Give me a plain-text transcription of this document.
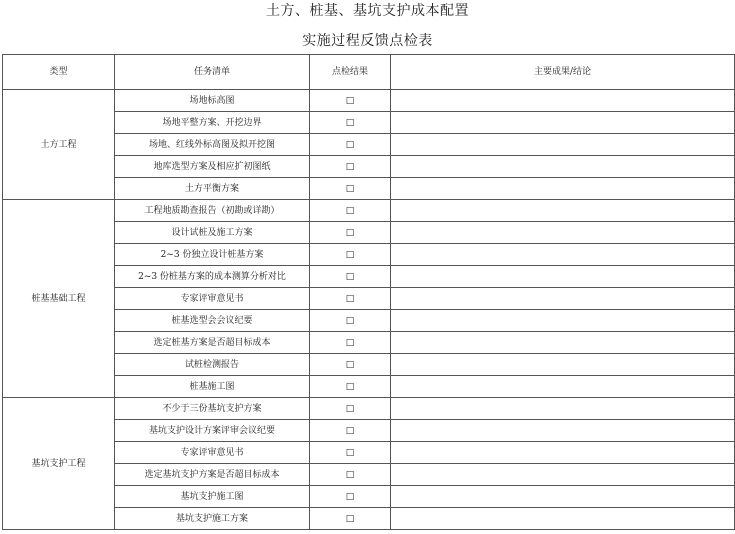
土方、桩基、基坑支护成本配置
实施过程反馈点检表
类型	任务清单	点检结果	主要成果/结论
土方工程	场地标高图	□	
	场地平整方案、开挖边界	□	
	场地、红线外标高图及拟开挖图	□	
	地库选型方案及相应扩初图纸	□	
	土方平衡方案	□	
桩基基础工程	工程地质勘查报告（初勘或详勘）	□	
	设计试桩及施工方案	□	
	2~3 份独立设计桩基方案	□	
	2~3 份桩基方案的成本测算分析对比	□	
	专家评审意见书	□	
	桩基选型会会议纪要	□	
	选定桩基方案是否超目标成本	□	
	试桩检测报告	□	
	桩基施工图	□	
基坑支护工程	不少于三份基坑支护方案	□	
	基坑支护设计方案评审会议纪要	□	
	专家评审意见书	□	
	选定基坑支护方案是否超目标成本	□	
	基坑支护施工图	□	
	基坑支护施工方案	□	
